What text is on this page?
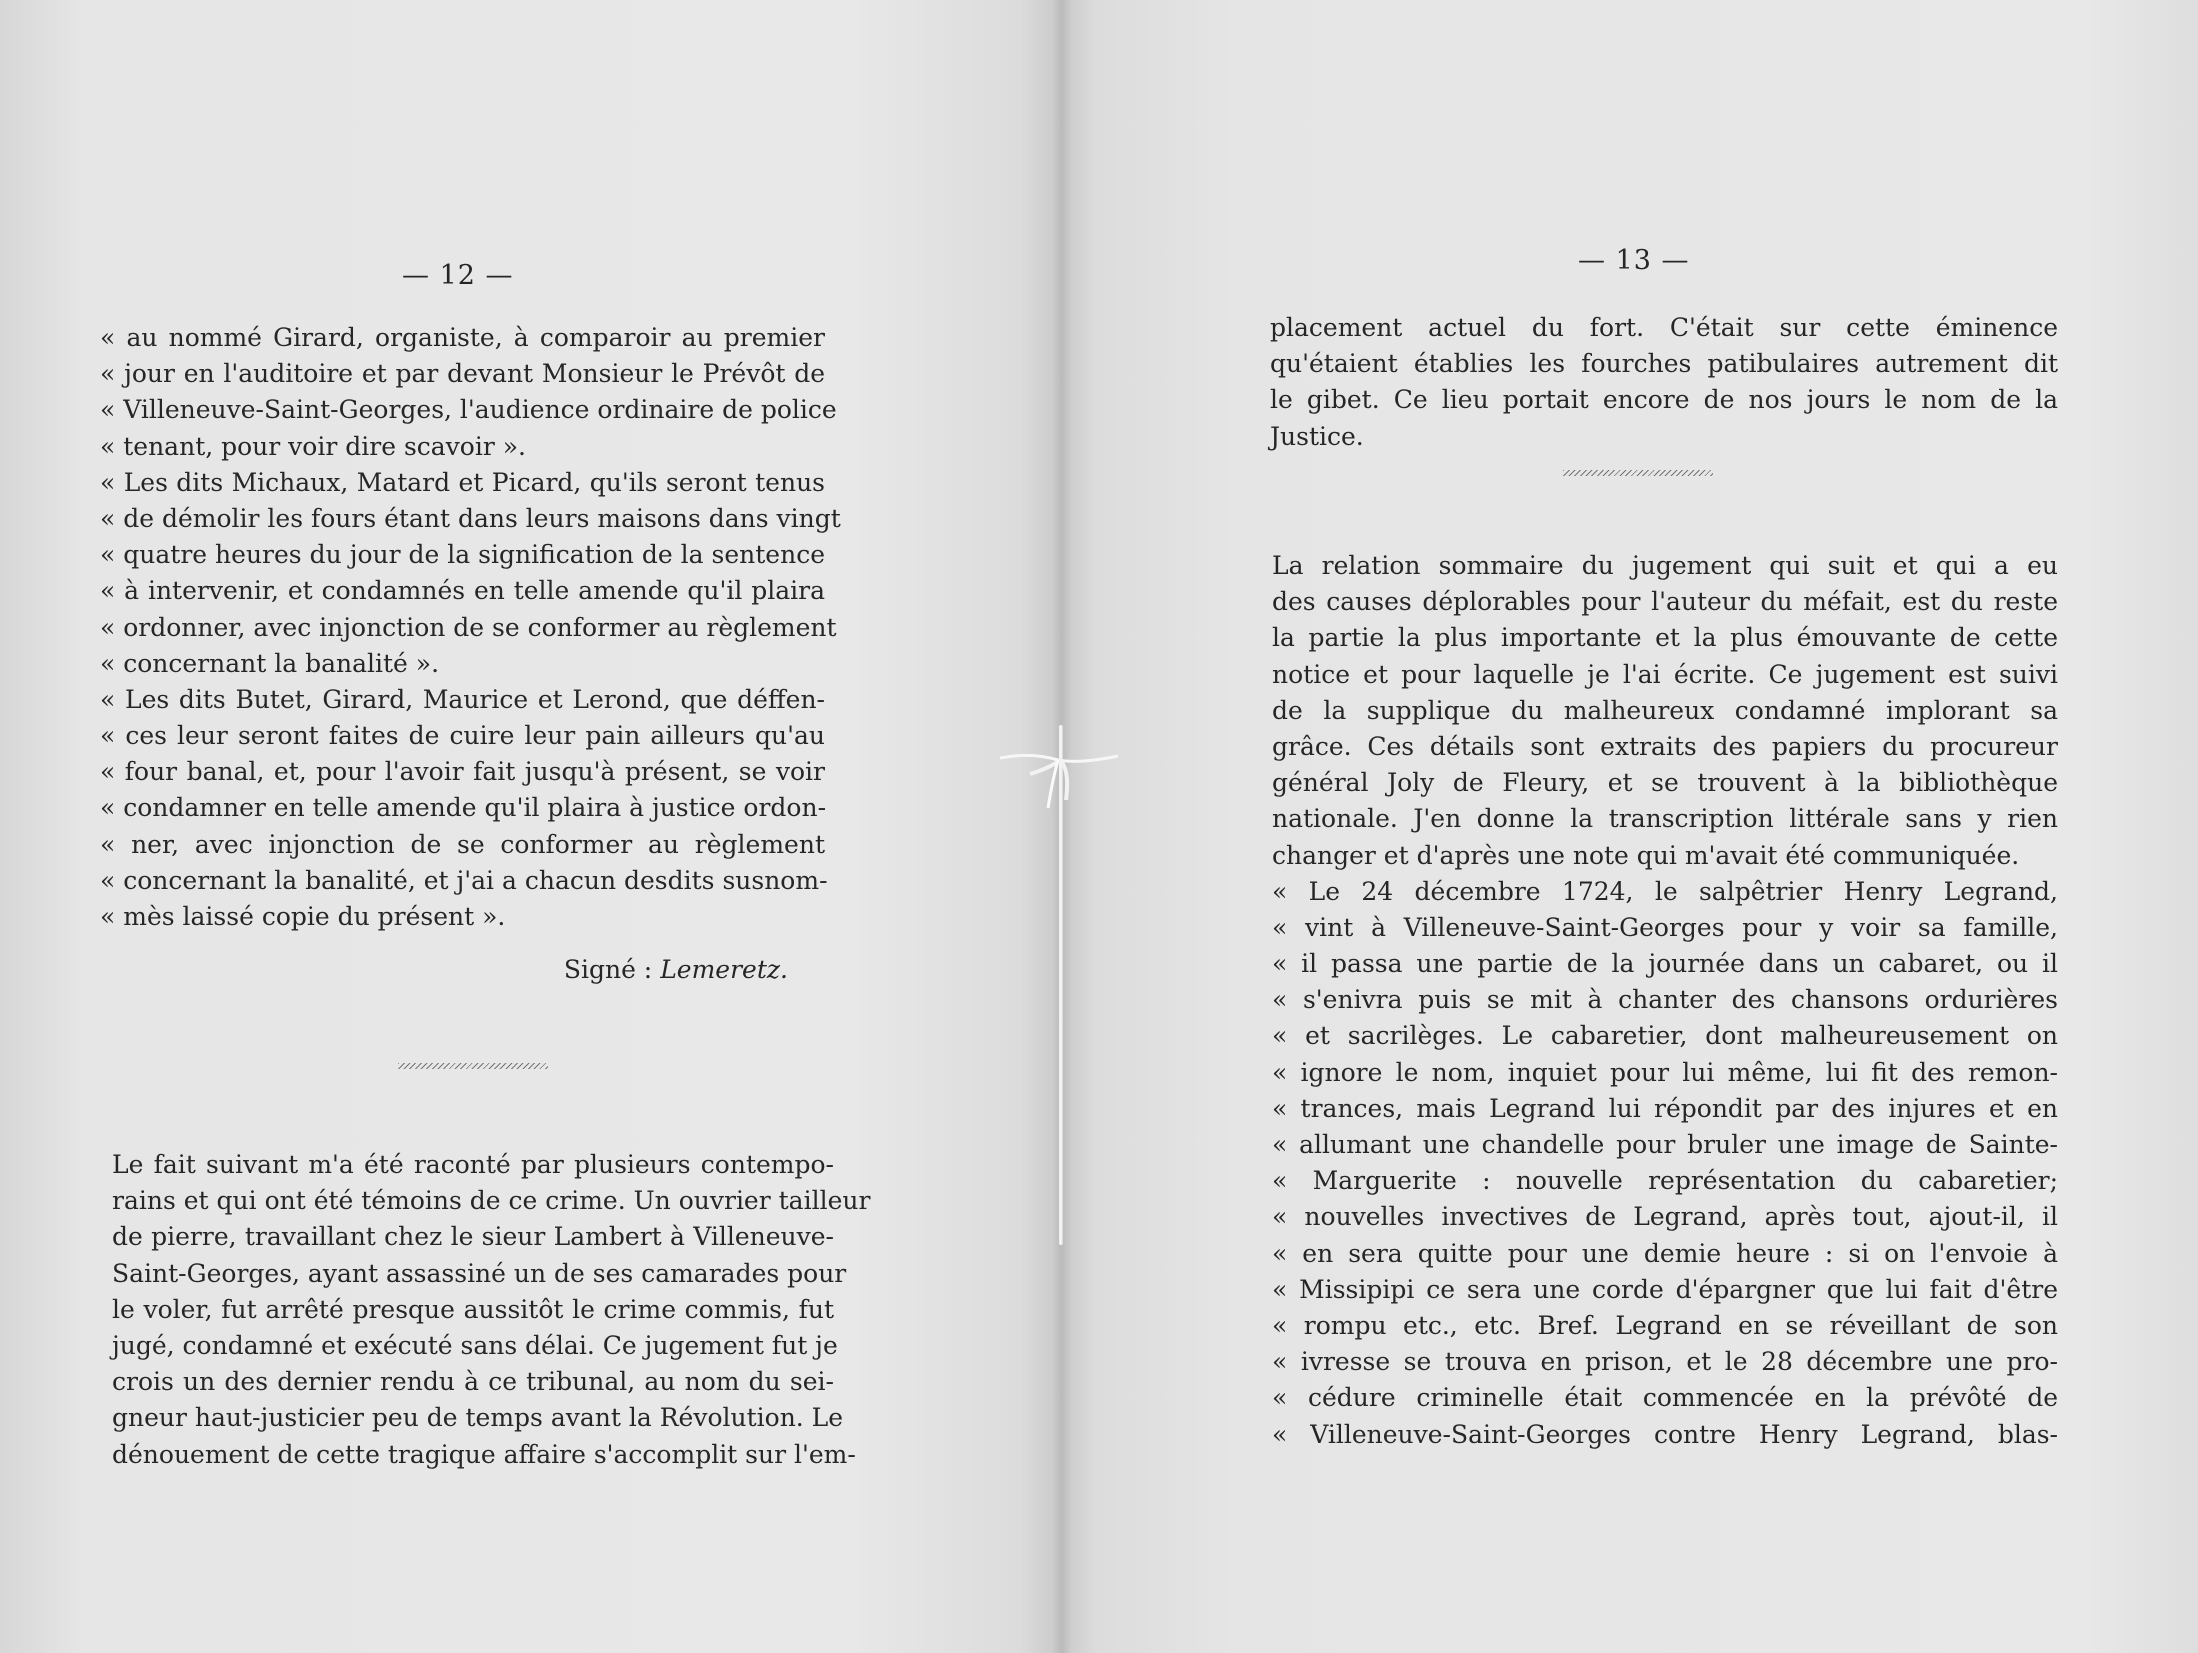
— 12 —
« au nommé Girard, organiste, à comparoir au premier
« jour en l'auditoire et par devant Monsieur le Prévôt de
« Villeneuve-Saint-Georges, l'audience ordinaire de police
« tenant, pour voir dire scavoir ».
« Les dits Michaux, Matard et Picard, qu'ils seront tenus
« de démolir les fours étant dans leurs maisons dans vingt
« quatre heures du jour de la signification de la sentence
« à intervenir, et condamnés en telle amende qu'il plaira
« ordonner, avec injonction de se conformer au règlement
« concernant la banalité ».
« Les dits Butet, Girard, Maurice et Lerond, que déffen-
« ces leur seront faites de cuire leur pain ailleurs qu'au
« four banal, et, pour l'avoir fait jusqu'à présent, se voir
« condamner en telle amende qu'il plaira à justice ordon-
« ner, avec injonction de se conformer au règlement
« concernant la banalité, et j'ai a chacun desdits susnom-
« mès laissé copie du présent ».
Signé : Lemeretz.
Le fait suivant m'a été raconté par plusieurs contempo-
rains et qui ont été témoins de ce crime. Un ouvrier tailleur
de pierre, travaillant chez le sieur Lambert à Villeneuve-
Saint-Georges, ayant assassiné un de ses camarades pour
le voler, fut arrêté presque aussitôt le crime commis, fut
jugé, condamné et exécuté sans délai. Ce jugement fut je
crois un des dernier rendu à ce tribunal, au nom du sei-
gneur haut-justicier peu de temps avant la Révolution. Le
dénouement de cette tragique affaire s'accomplit sur l'em-
— 13 —
placement actuel du fort. C'était sur cette éminence
qu'étaient établies les fourches patibulaires autrement dit
le gibet. Ce lieu portait encore de nos jours le nom de la
Justice.
La relation sommaire du jugement qui suit et qui a eu
des causes déplorables pour l'auteur du méfait, est du reste
la partie la plus importante et la plus émouvante de cette
notice et pour laquelle je l'ai écrite. Ce jugement est suivi
de la supplique du malheureux condamné implorant sa
grâce. Ces détails sont extraits des papiers du procureur
général Joly de Fleury, et se trouvent à la bibliothèque
nationale. J'en donne la transcription littérale sans y rien
changer et d'après une note qui m'avait été communiquée.
« Le 24 décembre 1724, le salpêtrier Henry Legrand,
« vint à Villeneuve-Saint-Georges pour y voir sa famille,
« il passa une partie de la journée dans un cabaret, ou il
« s'enivra puis se mit à chanter des chansons ordurières
« et sacrilèges. Le cabaretier, dont malheureusement on
« ignore le nom, inquiet pour lui même, lui fit des remon-
« trances, mais Legrand lui répondit par des injures et en
« allumant une chandelle pour bruler une image de Sainte-
« Marguerite : nouvelle représentation du cabaretier;
« nouvelles invectives de Legrand, après tout, ajout-il, il
« en sera quitte pour une demie heure : si on l'envoie à
« Missipipi ce sera une corde d'épargner que lui fait d'être
« rompu etc., etc. Bref. Legrand en se réveillant de son
« ivresse se trouva en prison, et le 28 décembre une pro-
« cédure criminelle était commencée en la prévôté de
« Villeneuve-Saint-Georges contre Henry Legrand, blas-
